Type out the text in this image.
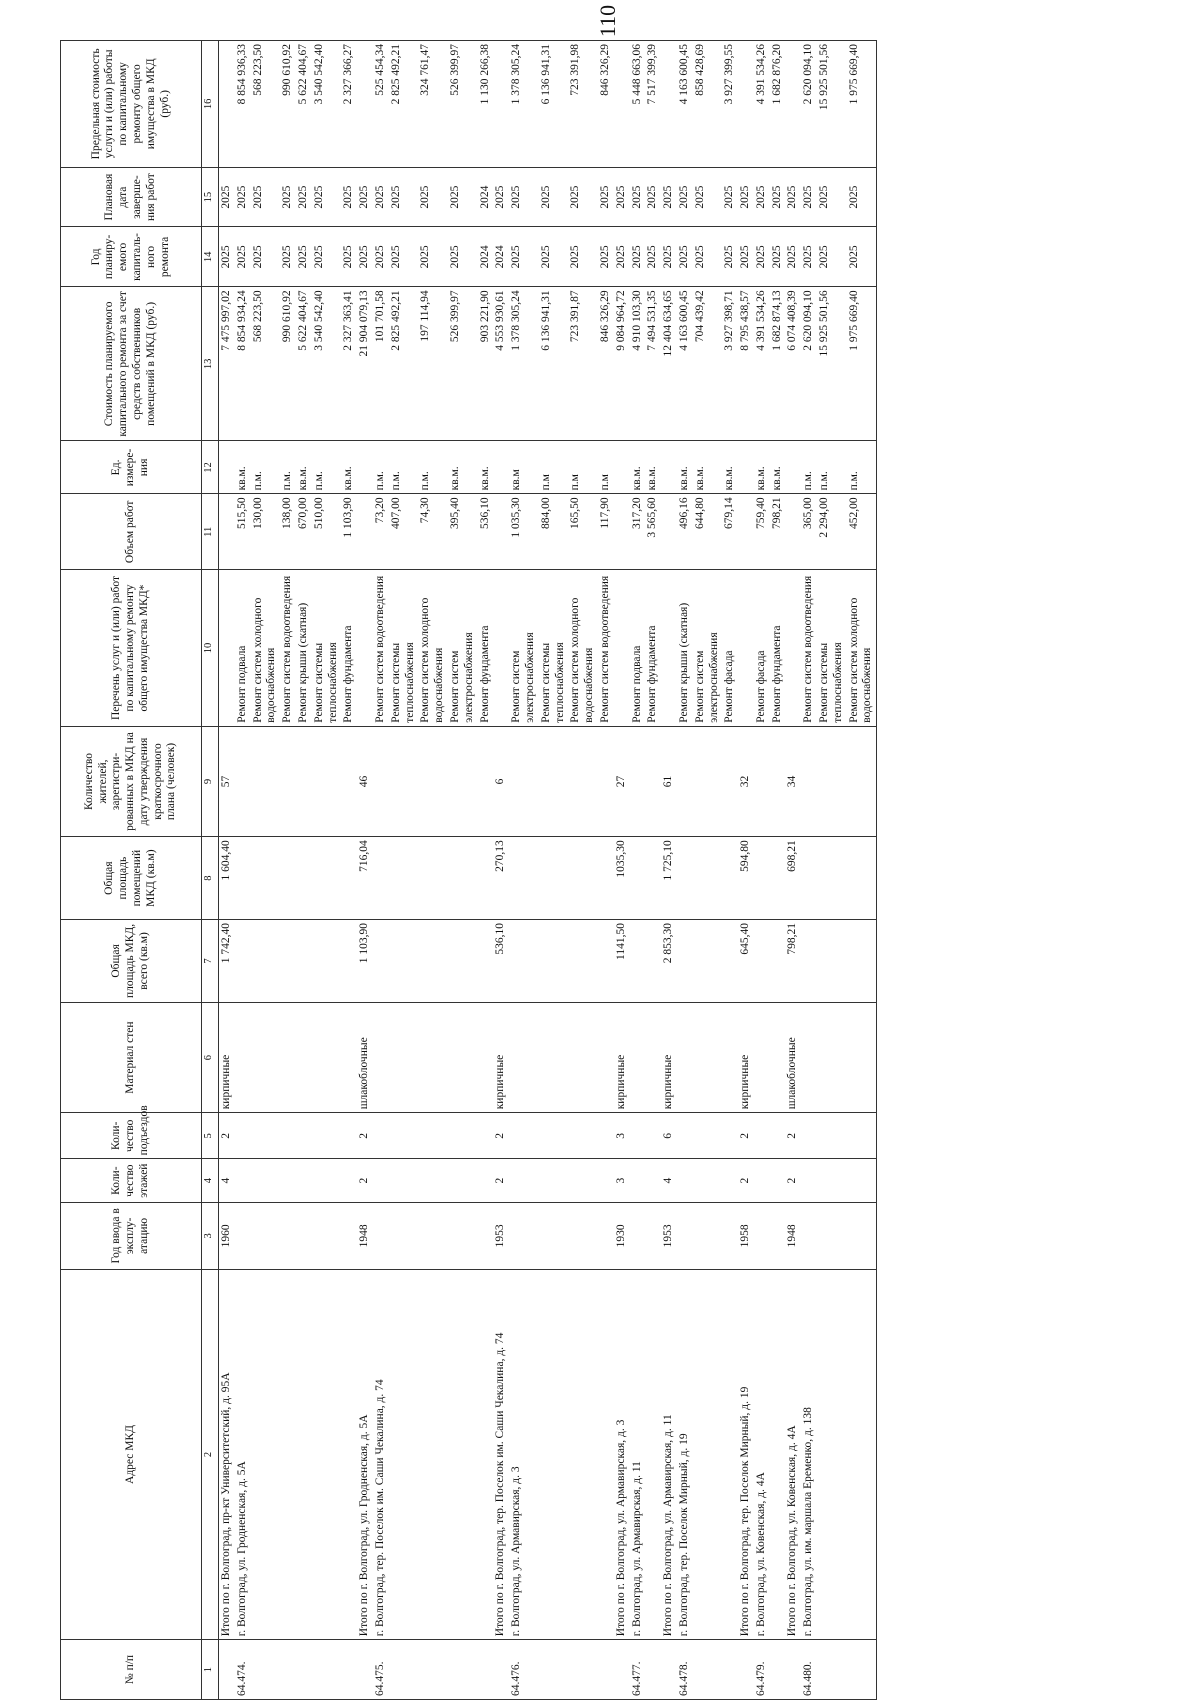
110
№ п/п	Адрес МКД	Год ввода в эксплу-атацию	Коли-чество этажей	Коли-чество подъездов	Материал стен	Общая площадь МКД, всего (кв.м)	Общая площадь помещений МКД (кв.м)	Количество жителей, зарегистри-рованных в МКД на дату утверждения краткосрочного плана (человек)	Перечень услуг и (или) работ по капитальному ремонту общего имущества МКД*	Объем работ	Ед. измере-ния	Стоимость планируемого капитального ремонта за счет средств собственников помещений в МКД (руб.)	Год планиру-емого капиталь-ного ремонта	Плановая дата заверше-ния работ	Предельная стоимость услуги и (или) работы по капитальному ремонту общего имущества в МКД (руб.)
1	2	3	4	5	6	7	8	9	10	11	12	13	14	15	16
	Итого по г. Волгоград, пр-кт Университетский, д. 95А	1960	4	2	кирпичные	1 742,40	1 604,40	57				7 475 997,02	2025	2025	
64.474.	г. Волгоград, ул. Гродненская, д. 5А								Ремонт подвала	515,50	кв.м.	8 854 934,24	2025	2025	8 854 936,33
									Ремонт систем холодного водоснабжения	130,00	п.м.	568 223,50	2025	2025	568 223,50
									Ремонт систем водоотведения	138,00	п.м.	990 610,92	2025	2025	990 610,92
									Ремонт крыши (скатная)	670,00	кв.м.	5 622 404,67	2025	2025	5 622 404,67
									Ремонт системы теплоснабжения	510,00	п.м.	3 540 542,40	2025	2025	3 540 542,40
									Ремонт фундамента	1 103,90	кв.м.	2 327 363,41	2025	2025	2 327 366,27
	Итого по г. Волгоград, ул. Гродненская, д. 5А	1948	2	2	шлакоблочные	1 103,90	716,04	46				21 904 079,13	2025	2025	
64.475.	г. Волгоград, тер. Поселок им. Саши Чекалина, д. 74								Ремонт систем водоотведения	73,20	п.м.	101 701,58	2025	2025	525 454,34
									Ремонт системы теплоснабжения	407,00	п.м.	2 825 492,21	2025	2025	2 825 492,21
									Ремонт систем холодного водоснабжения	74,30	п.м.	197 114,94	2025	2025	324 761,47
									Ремонт систем электроснабжения	395,40	кв.м.	526 399,97	2025	2025	526 399,97
									Ремонт фундамента	536,10	кв.м.	903 221,90	2024	2024	1 130 266,38
	Итого по г. Волгоград, тер. Поселок им. Саши Чекалина, д. 74	1953	2	2	кирпичные	536,10	270,13	6				4 553 930,61	2024	2025	
64.476.	г. Волгоград, ул. Армавирская, д. 3								Ремонт систем электроснабжения	1 035,30	кв.м	1 378 305,24	2025	2025	1 378 305,24
									Ремонт системы теплоснабжения	884,00	п.м	6 136 941,31	2025	2025	6 136 941,31
									Ремонт систем холодного водоснабжения	165,50	п.м	723 391,87	2025	2025	723 391,98
									Ремонт систем водоотведения	117,90	п.м	846 326,29	2025	2025	846 326,29
	Итого по г. Волгоград, ул. Армавирская, д. 3	1930	3	3	кирпичные	1141,50	1035,30	27				9 084 964,72	2025	2025	
64.477.	г. Волгоград, ул. Армавирская, д. 11								Ремонт подвала	317,20	кв.м.	4 910 103,30	2025	2025	5 448 663,06
									Ремонт фундамента	3 565,60	кв.м.	7 494 531,35	2025	2025	7 517 399,39
	Итого по г. Волгоград, ул. Армавирская, д. 11	1953	4	6	кирпичные	2 853,30	1 725,10	61				12 404 634,65	2025	2025	
64.478.	г. Волгоград, тер. Поселок Мирный, д. 19								Ремонт крыши (скатная)	496,16	кв.м.	4 163 600,45	2025	2025	4 163 600,45
									Ремонт систем электроснабжения	644,80	кв.м.	704 439,42	2025	2025	858 428,69
									Ремонт фасада	679,14	кв.м.	3 927 398,71	2025	2025	3 927 399,55
	Итого по г. Волгоград, тер. Поселок Мирный, д. 19	1958	2	2	кирпичные	645,40	594,80	32				8 795 438,57	2025	2025	
64.479.	г. Волгоград, ул. Ковенская, д. 4А								Ремонт фасада	759,40	кв.м.	4 391 534,26	2025	2025	4 391 534,26
									Ремонт фундамента	798,21	кв.м.	1 682 874,13	2025	2025	1 682 876,20
	Итого по г. Волгоград, ул. Ковенская, д. 4А	1948	2	2	шлакоблочные	798,21	698,21	34				6 074 408,39	2025	2025	
64.480.	г. Волгоград, ул. им. маршала Еременко, д. 138								Ремонт систем водоотведения	365,00	п.м.	2 620 094,10	2025	2025	2 620 094,10
									Ремонт системы теплоснабжения	2 294,00	п.м.	15 925 501,56	2025	2025	15 925 501,56
									Ремонт систем холодного водоснабжения	452,00	п.м.	1 975 669,40	2025	2025	1 975 669,40
